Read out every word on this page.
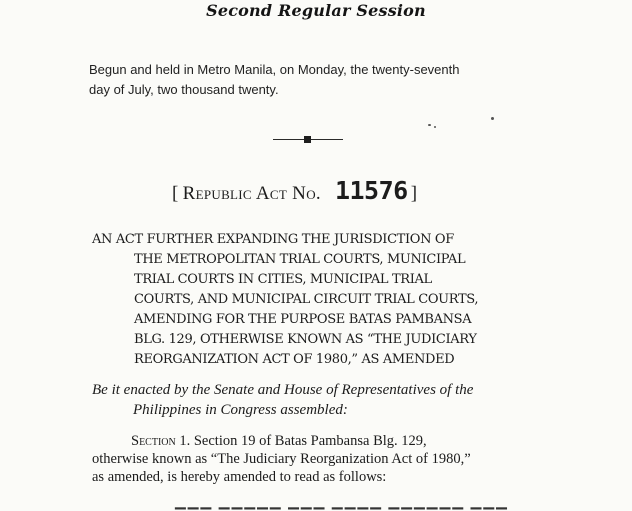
Second Regular Session
Begun and held in Metro Manila, on Monday, the twenty-seventh
day of July, two thousand twenty.
[ Republic Act No. 11576 ]
AN ACT FURTHER EXPANDING THE JURISDICTION OF
THE METROPOLITAN TRIAL COURTS, MUNICIPAL
TRIAL COURTS IN CITIES, MUNICIPAL TRIAL
COURTS, AND MUNICIPAL CIRCUIT TRIAL COURTS,
AMENDING FOR THE PURPOSE BATAS PAMBANSA
BLG. 129, OTHERWISE KNOWN AS “THE JUDICIARY
REORGANIZATION ACT OF 1980,” AS AMENDED
Be it enacted by the Senate and House of Representatives of the
Philippines in Congress assembled:
Section 1. Section 19 of Batas Pambansa Blg. 129,
otherwise known as “The Judiciary Reorganization Act of 1980,”
as amended, is hereby amended to read as follows:
▁▁▁ ▁▁▁▁▁ ▁▁▁ ▁▁▁▁ ▁▁▁▁▁▁ ▁▁▁
